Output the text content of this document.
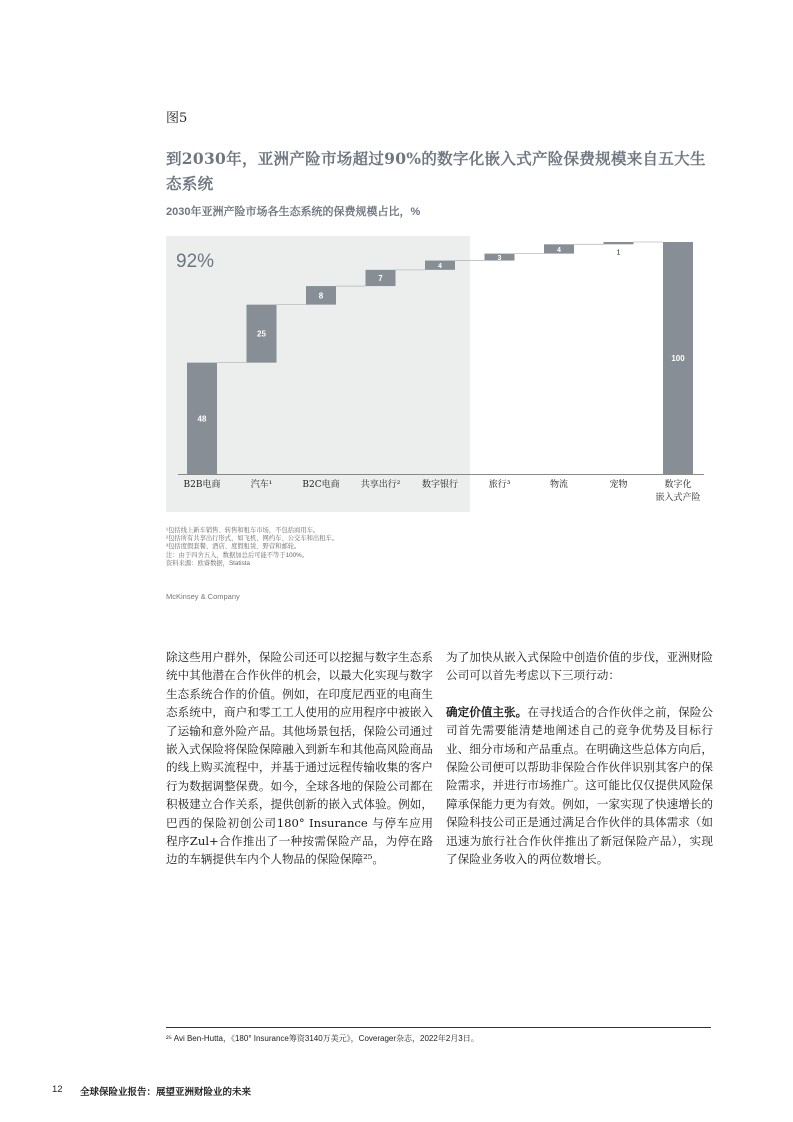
图5
到2030年，亚洲产险市场超过90%的数字化嵌入式产险保费规模来自五大生态系统
2030年亚洲产险市场各生态系统的保费规模占比，%
92%
48
B2B电商
25
汽车¹
8
B2C电商
7
共享出行²
4
数字银行
3
旅行³
4
物流
1
宠物
100
数字化
嵌入式产险
¹包括线上新车销售、转售和租车市场，不包括商用车。
²包括所有共享出行形式，如飞机、网约车、公交车和出租车。
³包括度假套餐、酒店、度假租赁、野营和邮轮。
注：由于四舍五入，数据加总后可能不等于100%。
资料来源：欧睿数据，Statista
McKinsey & Company
除这些用户群外，保险公司还可以挖掘与数字生态系统中其他潜在合作伙伴的机会，以最大化实现与数字生态系统合作的价值。例如，在印度尼西亚的电商生态系统中，商户和零工工人使用的应用程序中被嵌入了运输和意外险产品。其他场景包括，保险公司通过嵌入式保险将保险保障融入到新车和其他高风险商品的线上购买流程中，并基于通过远程传输收集的客户行为数据调整保费。如今，全球各地的保险公司都在积极建立合作关系，提供创新的嵌入式体验。例如，巴西的保险初创公司180° Insurance 与停车应用程序Zul+合作推出了一种按需保险产品，为停在路边的车辆提供车内个人物品的保险保障²⁵。
为了加快从嵌入式保险中创造价值的步伐，亚洲财险公司可以首先考虑以下三项行动：
确定价值主张。在寻找适合的合作伙伴之前，保险公司首先需要能清楚地阐述自己的竞争优势及目标行业、细分市场和产品重点。在明确这些总体方向后，保险公司便可以帮助非保险合作伙伴识别其客户的保险需求，并进行市场推广。这可能比仅仅提供风险保障承保能力更为有效。例如，一家实现了快速增长的保险科技公司正是通过满足合作伙伴的具体需求（如迅速为旅行社合作伙伴推出了新冠保险产品），实现了保险业务收入的两位数增长。
²⁵ Avi Ben-Hutta，《180° Insurance筹资3140万美元》，Coverager杂志，2022年2月3日。
12 全球保险业报告：展望亚洲财险业的未来
